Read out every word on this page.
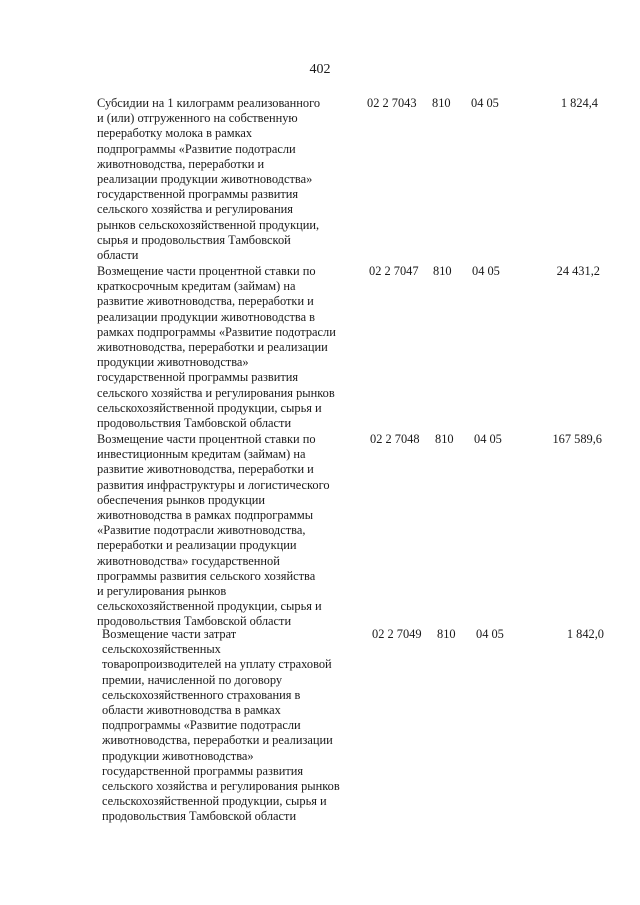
402
Субсидии на 1 килограмм реализованного
и (или) отгруженного на собственную
переработку молока в рамках
подпрограммы «Развитие подотрасли
животноводства, переработки и
реализации продукции животноводства»
государственной программы развития
сельского хозяйства и регулирования
рынков сельскохозяйственной продукции,
сырья и продовольствия Тамбовской
области
02 2 7043 810 04 05	1 824,4
Возмещение части процентной ставки по
краткосрочным кредитам (займам) на
развитие животноводства, переработки и
реализации продукции животноводства в
рамках подпрограммы «Развитие подотрасли
животноводства, переработки и реализации
продукции животноводства»
государственной программы развития
сельского хозяйства и регулирования рынков
сельскохозяйственной продукции, сырья и
продовольствия Тамбовской области
02 2 7047 810 04 05	24 431,2
Возмещение части процентной ставки по
инвестиционным кредитам (займам) на
развитие животноводства, переработки и
развития инфраструктуры и логистического
обеспечения рынков продукции
животноводства в рамках подпрограммы
«Развитие подотрасли животноводства,
переработки и реализации продукции
животноводства» государственной
программы развития сельского хозяйства
и регулирования рынков
сельскохозяйственной продукции, сырья и
продовольствия Тамбовской области
02 2 7048 810 04 05	167 589,6
Возмещение части затрат
сельскохозяйственных
товаропроизводителей на уплату страховой
премии, начисленной по договору
сельскохозяйственного страхования в
области животноводства в рамках
подпрограммы «Развитие подотрасли
животноводства, переработки и реализации
продукции животноводства»
государственной программы развития
сельского хозяйства и регулирования рынков
сельскохозяйственной продукции, сырья и
продовольствия Тамбовской области
02 2 7049 810 04 05	1 842,0
